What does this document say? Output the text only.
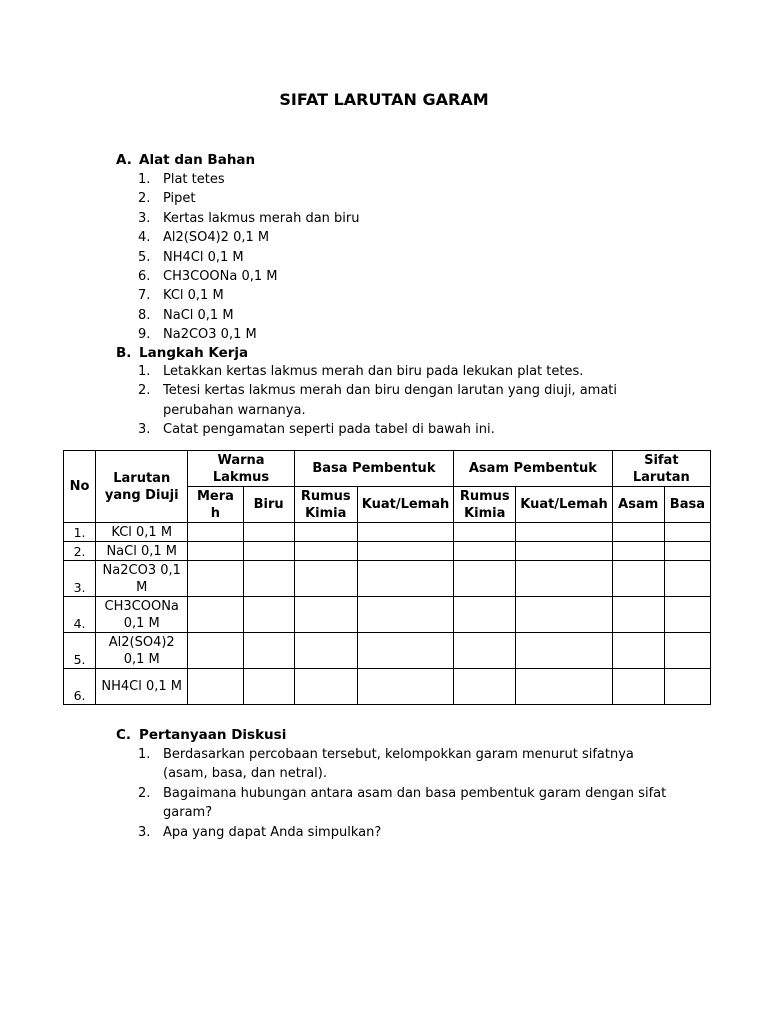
SIFAT LARUTAN GARAM
A. Alat dan Bahan
1. Plat tetes
2. Pipet
3. Kertas lakmus merah dan biru
4. Al2(SO4)2 0,1 M
5. NH4Cl 0,1 M
6. CH3COONa 0,1 M
7. KCl 0,1 M
8. NaCl 0,1 M
9. Na2CO3 0,1 M
B. Langkah Kerja
1. Letakkan kertas lakmus merah dan biru pada lekukan plat tetes.
2. Tetesi kertas lakmus merah dan biru dengan larutan yang diuji, amati perubahan warnanya.
3. Catat pengamatan seperti pada tabel di bawah ini.
No	Larutan yang Diuji	Warna Lakmus		Basa Pembentuk		Asam Pembentuk		Sifat Larutan	
		Mera h	Biru	Rumus Kimia	Kuat/Lemah	Rumus Kimia	Kuat/Lemah	Asam	Basa
1.	KCl 0,1 M								
2.	NaCl 0,1 M								
3.	Na2CO3 0,1 M								
4.	CH3COONa 0,1 M								
5.	Al2(SO4)2 0,1 M								
6.	NH4Cl 0,1 M								
C. Pertanyaan Diskusi
1. Berdasarkan percobaan tersebut, kelompokkan garam menurut sifatnya (asam, basa, dan netral).
2. Bagaimana hubungan antara asam dan basa pembentuk garam dengan sifat garam?
3. Apa yang dapat Anda simpulkan?
